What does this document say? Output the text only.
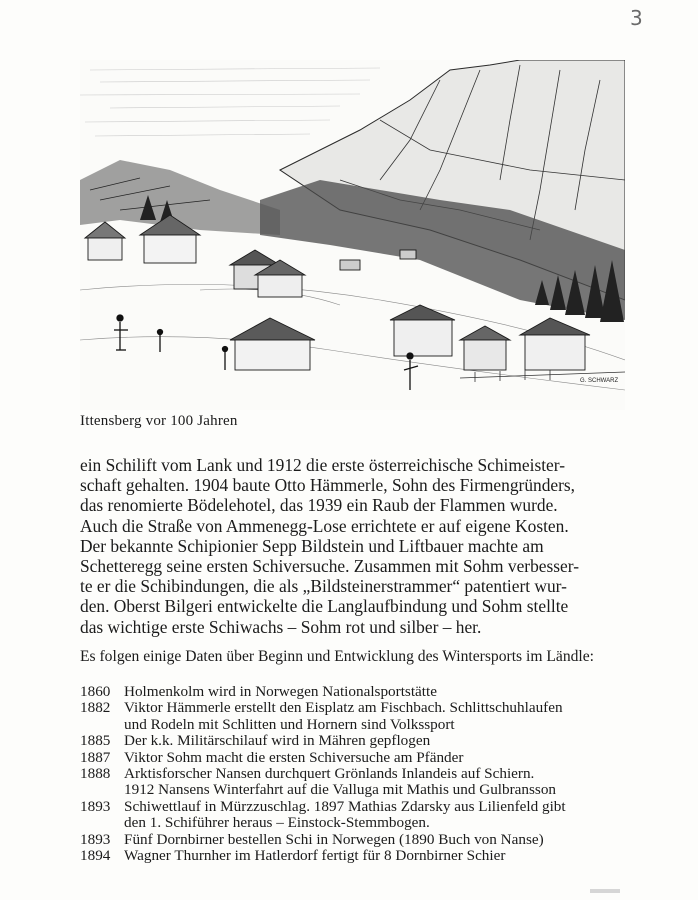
3
G. SCHWARZ
Ittensberg vor 100 Jahren

ein Schilift vom Lank und 1912 die erste österreichische Schimeister-
schaft gehalten. 1904 baute Otto Hämmerle, Sohn des Firmengründers,
das renomierte Bödelehotel, das 1939 ein Raub der Flammen wurde.
Auch die Straße von Ammenegg-Lose errichtete er auf eigene Kosten.
Der bekannte Schipionier Sepp Bildstein und Liftbauer machte am
Schetteregg seine ersten Schiversuche. Zusammen mit Sohm verbesser-
te er die Schibindungen, die als „Bildsteinerstrammer“ patentiert wur-
den. Oberst Bilgeri entwickelte die Langlaufbindung und Sohm stellte
das wichtige erste Schiwachs – Sohm rot und silber – her.

Es folgen einige Daten über Beginn und Entwicklung des Wintersports im Ländle:

1860 Holmenkolm wird in Norwegen Nationalsportstätte
1882 Viktor Hämmerle erstellt den Eisplatz am Fischbach. Schlittschuhlaufen
und Rodeln mit Schlitten und Hornern sind Volkssport
1885 Der k.k. Militärschilauf wird in Mähren gepflogen
1887 Viktor Sohm macht die ersten Schiversuche am Pfänder
1888 Arktisforscher Nansen durchquert Grönlands Inlandeis auf Schiern.
1912 Nansens Winterfahrt auf die Valluga mit Mathis und Gulbransson
1893 Schiwettlauf in Mürzzuschlag. 1897 Mathias Zdarsky aus Lilienfeld gibt
den 1. Schiführer heraus – Einstock-Stemmbogen.
1893 Fünf Dornbirner bestellen Schi in Norwegen (1890 Buch von Nanse)
1894 Wagner Thurnher im Hatlerdorf fertigt für 8 Dornbirner Schier
